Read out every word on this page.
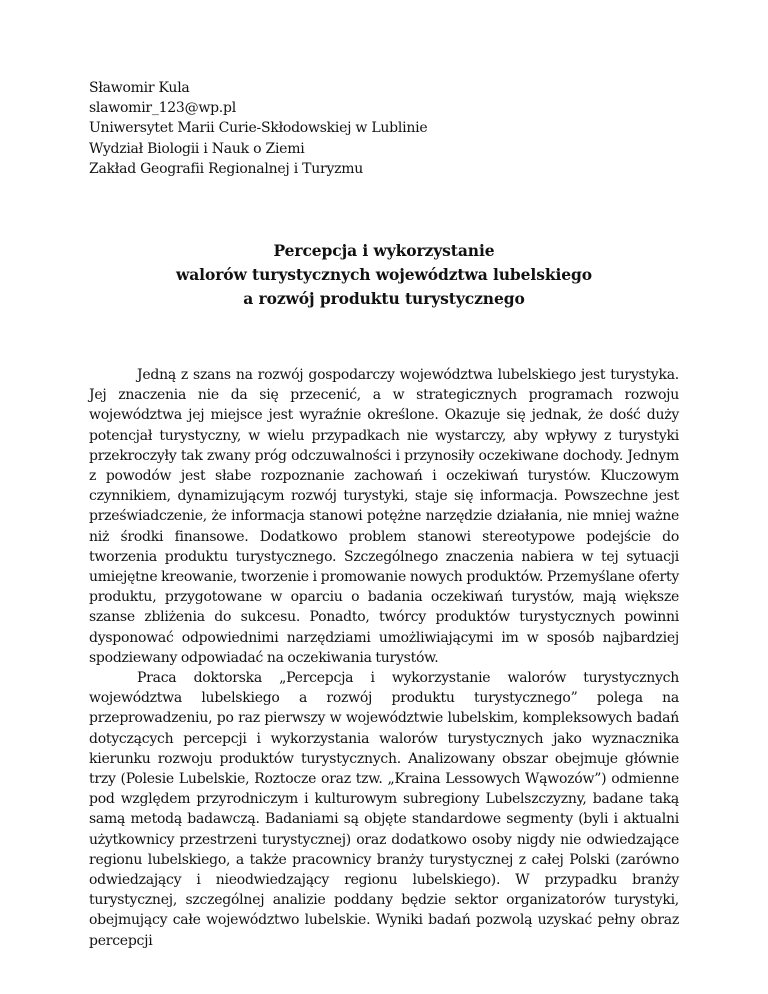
Sławomir Kula
slawomir_123@wp.pl
Uniwersytet Marii Curie-Skłodowskiej w Lublinie
Wydział Biologii i Nauk o Ziemi
Zakład Geografii Regionalnej i Turyzmu
Percepcja i wykorzystanie
walorów turystycznych województwa lubelskiego
a rozwój produktu turystycznego

Jedną z szans na rozwój gospodarczy województwa lubelskiego jest turystyka. Jej znaczenia nie da się przecenić, a w strategicznych programach rozwoju województwa jej miejsce jest wyraźnie określone. Okazuje się jednak, że dość duży potencjał turystyczny, w wielu przypadkach nie wystarczy, aby wpływy z turystyki przekroczyły tak zwany próg odczuwalności i przynosiły oczekiwane dochody. Jednym z powodów jest słabe rozpoznanie zachowań i oczekiwań turystów. Kluczowym czynnikiem, dynamizującym rozwój turystyki, staje się informacja. Powszechne jest przeświadczenie, że informacja stanowi potężne narzędzie działania, nie mniej ważne niż środki finansowe. Dodatkowo problem stanowi stereotypowe podejście do tworzenia produktu turystycznego. Szczególnego znaczenia nabiera w tej sytuacji umiejętne kreowanie, tworzenie i promowanie nowych produktów. Przemyślane oferty produktu, przygotowane w oparciu o badania oczekiwań turystów, mają większe szanse zbliżenia do sukcesu. Ponadto, twórcy produktów turystycznych powinni dysponować odpowiednimi narzędziami umożliwiającymi im w sposób najbardziej spodziewany odpowiadać na oczekiwania turystów.

Praca doktorska „Percepcja i wykorzystanie walorów turystycznych województwa lubelskiego a rozwój produktu turystycznego” polega na przeprowadzeniu, po raz pierwszy w województwie lubelskim, kompleksowych badań dotyczących percepcji i wykorzystania walorów turystycznych jako wyznacznika kierunku rozwoju produktów turystycznych. Analizowany obszar obejmuje głównie trzy (Polesie Lubelskie, Roztocze oraz tzw. „Kraina Lessowych Wąwozów”) odmienne pod względem przyrodniczym i kulturowym subregiony Lubelszczyzny, badane taką samą metodą badawczą. Badaniami są objęte standardowe segmenty (byli i aktualni użytkownicy przestrzeni turystycznej) oraz dodatkowo osoby nigdy nie odwiedzające regionu lubelskiego, a także pracownicy branży turystycznej z całej Polski (zarówno odwiedzający i nieodwiedzający regionu lubelskiego). W przypadku branży turystycznej, szczególnej analizie poddany będzie sektor organizatorów turystyki, obejmujący całe województwo lubelskie. Wyniki badań pozwolą uzyskać pełny obraz percepcji
